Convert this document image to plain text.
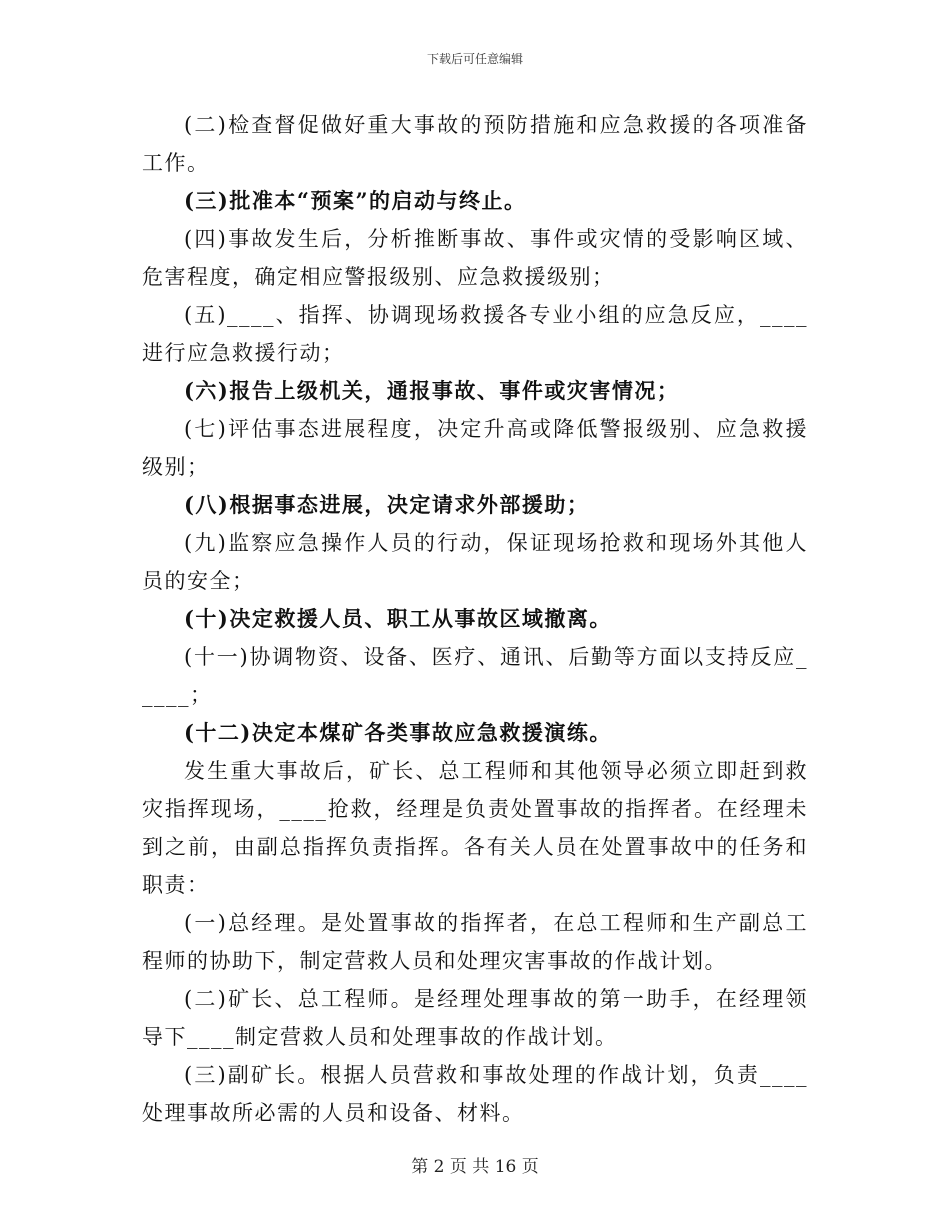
下载后可任意编辑

(二)检查督促做好重大事故的预防措施和应急救援的各项准备工作。

(三)批准本“预案”的启动与终止。

(四)事故发生后，分析推断事故、事件或灾情的受影响区域、危害程度，确定相应警报级别、应急救援级别；

(五)____、指挥、协调现场救援各专业小组的应急反应，____进行应急救援行动；

(六)报告上级机关，通报事故、事件或灾害情况；

(七)评估事态进展程度，决定升高或降低警报级别、应急救援级别；

(八)根据事态进展，决定请求外部援助；

(九)监察应急操作人员的行动，保证现场抢救和现场外其他人员的安全；

(十)决定救援人员、职工从事故区域撤离。

(十一)协调物资、设备、医疗、通讯、后勤等方面以支持反应_____；

(十二)决定本煤矿各类事故应急救援演练。

发生重大事故后，矿长、总工程师和其他领导必须立即赶到救灾指挥现场，____抢救，经理是负责处置事故的指挥者。在经理未到之前，由副总指挥负责指挥。各有关人员在处置事故中的任务和职责：

(一)总经理。是处置事故的指挥者，在总工程师和生产副总工程师的协助下，制定营救人员和处理灾害事故的作战计划。

(二)矿长、总工程师。是经理处理事故的第一助手，在经理领导下____制定营救人员和处理事故的作战计划。

(三)副矿长。根据人员营救和事故处理的作战计划，负责____处理事故所必需的人员和设备、材料。

第 2 页 共 16 页
